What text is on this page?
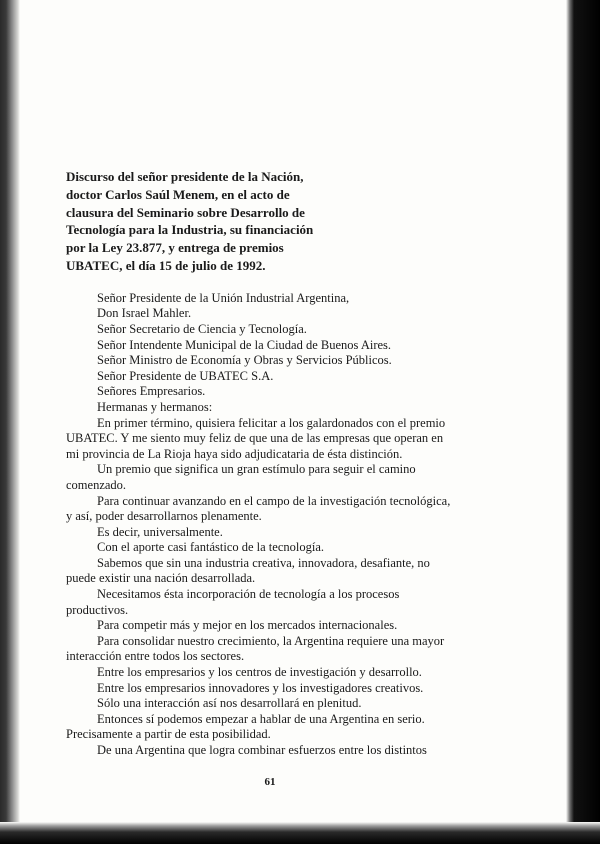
Discurso del señor presidente de la Nación,
doctor Carlos Saúl Menem, en el acto de
clausura del Seminario sobre Desarrollo de
Tecnología para la Industria, su financiación
por la Ley 23.877, y entrega de premios
UBATEC, el día 15 de julio de 1992.

Señor Presidente de la Unión Industrial Argentina,

Don Israel Mahler.

Señor Secretario de Ciencia y Tecnología.

Señor Intendente Municipal de la Ciudad de Buenos Aires.

Señor Ministro de Economía y Obras y Servicios Públicos.

Señor Presidente de UBATEC S.A.

Señores Empresarios.

Hermanas y hermanos:

En primer término, quisiera felicitar a los galardonados con el premio
UBATEC. Y me siento muy feliz de que una de las empresas que operan en
mi provincia de La Rioja haya sido adjudicataria de ésta distinción.

Un premio que significa un gran estímulo para seguir el camino
comenzado.

Para continuar avanzando en el campo de la investigación tecnológica,
y así, poder desarrollarnos plenamente.

Es decir, universalmente.

Con el aporte casi fantástico de la tecnología.

Sabemos que sin una industria creativa, innovadora, desafiante, no
puede existir una nación desarrollada.

Necesitamos ésta incorporación de tecnología a los procesos
productivos.

Para competir más y mejor en los mercados internacionales.

Para consolidar nuestro crecimiento, la Argentina requiere una mayor
interacción entre todos los sectores.

Entre los empresarios y los centros de investigación y desarrollo.

Entre los empresarios innovadores y los investigadores creativos.

Sólo una interacción así nos desarrollará en plenitud.

Entonces sí podemos empezar a hablar de una Argentina en serio.
Precisamente a partir de esta posibilidad.

De una Argentina que logra combinar esfuerzos entre los distintos

61
